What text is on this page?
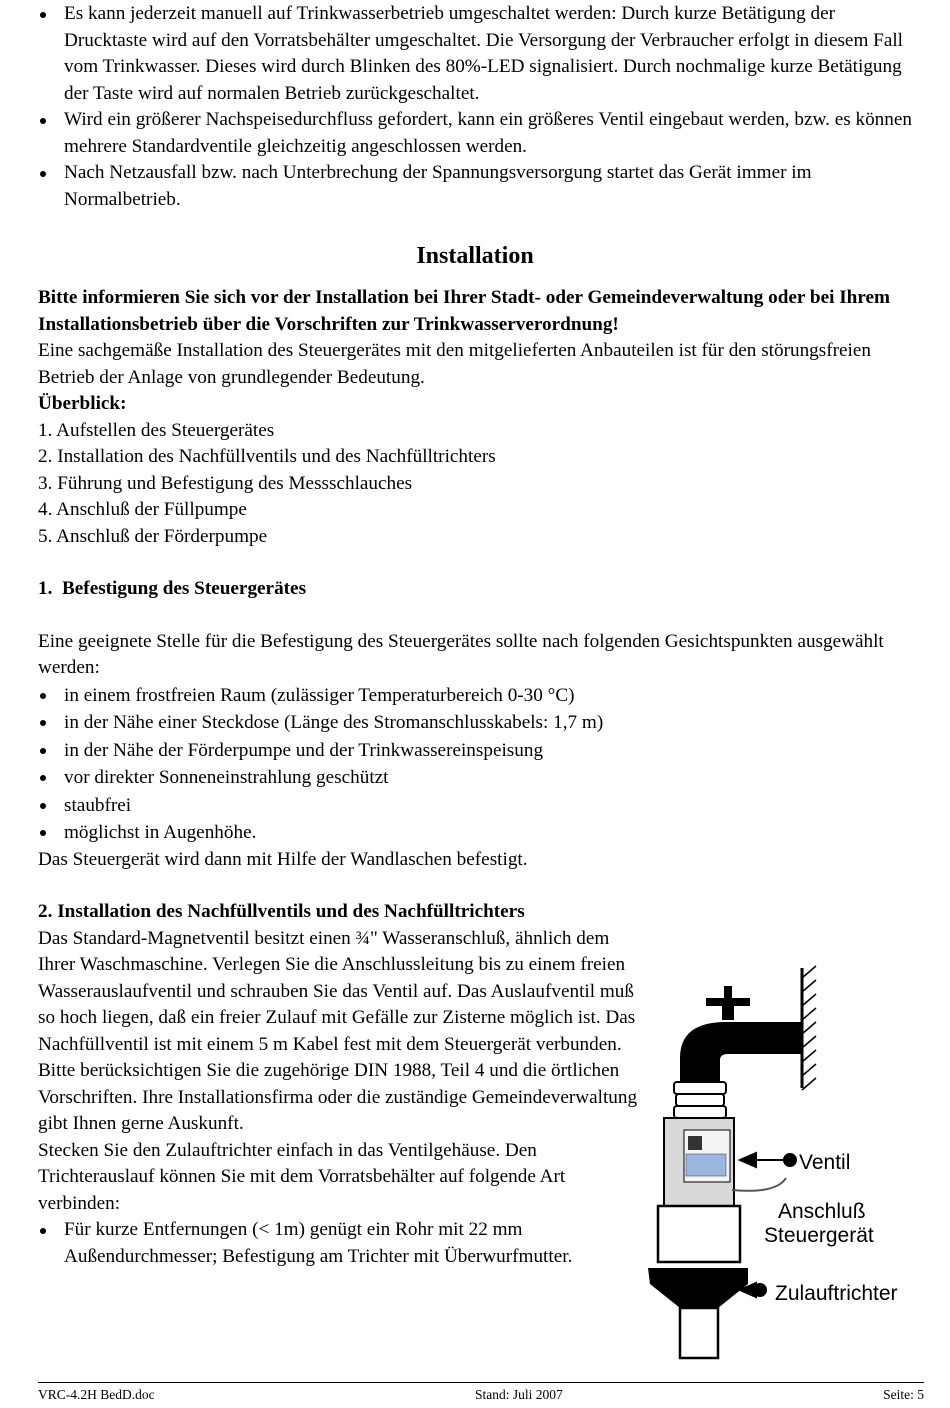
Es kann jederzeit manuell auf Trinkwasserbetrieb umgeschaltet werden: Durch kurze Betätigung der Drucktaste wird auf den Vorratsbehälter umgeschaltet. Die Versorgung der Verbraucher erfolgt in diesem Fall vom Trinkwasser. Dieses wird durch Blinken des 80%-LED signalisiert. Durch nochmalige kurze Betätigung der Taste wird auf normalen Betrieb zurückgeschaltet.
Wird ein größerer Nachspeisedurchfluss gefordert, kann ein größeres Ventil eingebaut werden, bzw. es können mehrere Standardventile gleichzeitig angeschlossen werden.
Nach Netzausfall bzw. nach Unterbrechung der Spannungsversorgung startet das Gerät immer im Normalbetrieb.
Installation

Bitte informieren Sie sich vor der Installation bei Ihrer Stadt- oder Gemeindeverwaltung oder bei Ihrem Installationsbetrieb über die Vorschriften zur Trinkwasserverordnung!

Eine sachgemäße Installation des Steuergerätes mit den mitgelieferten Anbauteilen ist für den störungsfreien Betrieb der Anlage von grundlegender Bedeutung.

Überblick:

1. Aufstellen des Steuergerätes

2. Installation des Nachfüllventils und des Nachfülltrichters

3. Führung und Befestigung des Messschlauches

4. Anschluß der Füllpumpe

5. Anschluß der Förderpumpe

1.  Befestigung des Steuergerätes

Eine geeignete Stelle für die Befestigung des Steuergerätes sollte nach folgenden Gesichtspunkten ausgewählt werden:

in einem frostfreien Raum (zulässiger Temperaturbereich 0-30 °C)
in der Nähe einer Steckdose (Länge des Stromanschlusskabels: 1,7 m)
in der Nähe der Förderpumpe und der Trinkwassereinspeisung
vor direkter Sonneneinstrahlung geschützt
staubfrei
möglichst in Augenhöhe.

Das Steuergerät wird dann mit Hilfe der Wandlaschen befestigt.

2. Installation des Nachfüllventils und des Nachfülltrichters

Das Standard-Magnetventil besitzt einen ¾" Wasseranschluß, ähnlich dem Ihrer Waschmaschine. Verlegen Sie die Anschlussleitung bis zu einem freien Wasserauslaufventil und schrauben Sie das Ventil auf. Das Auslaufventil muß so hoch liegen, daß ein freier Zulauf mit Gefälle zur Zisterne möglich ist. Das Nachfüllventil ist mit einem 5 m Kabel fest mit dem Steuergerät verbunden.

Bitte berücksichtigen Sie die zugehörige DIN 1988, Teil 4 und die örtlichen Vorschriften. Ihre Installationsfirma oder die zuständige Gemeindeverwaltung gibt Ihnen gerne Auskunft.

Stecken Sie den Zulauftrichter einfach in das Ventilgehäuse. Den Trichterauslauf können Sie mit dem Vorratsbehälter auf folgende Art verbinden:

Für kurze Entfernungen (< 1m) genügt ein Rohr mit 22 mm Außendurchmesser; Befestigung am Trichter mit Überwurfmutter.
Ventil
Anschluß
Steuergerät
Zulauftrichter
VRC-4.2H BedD.doc	Stand: Juli 2007	Seite: 5
